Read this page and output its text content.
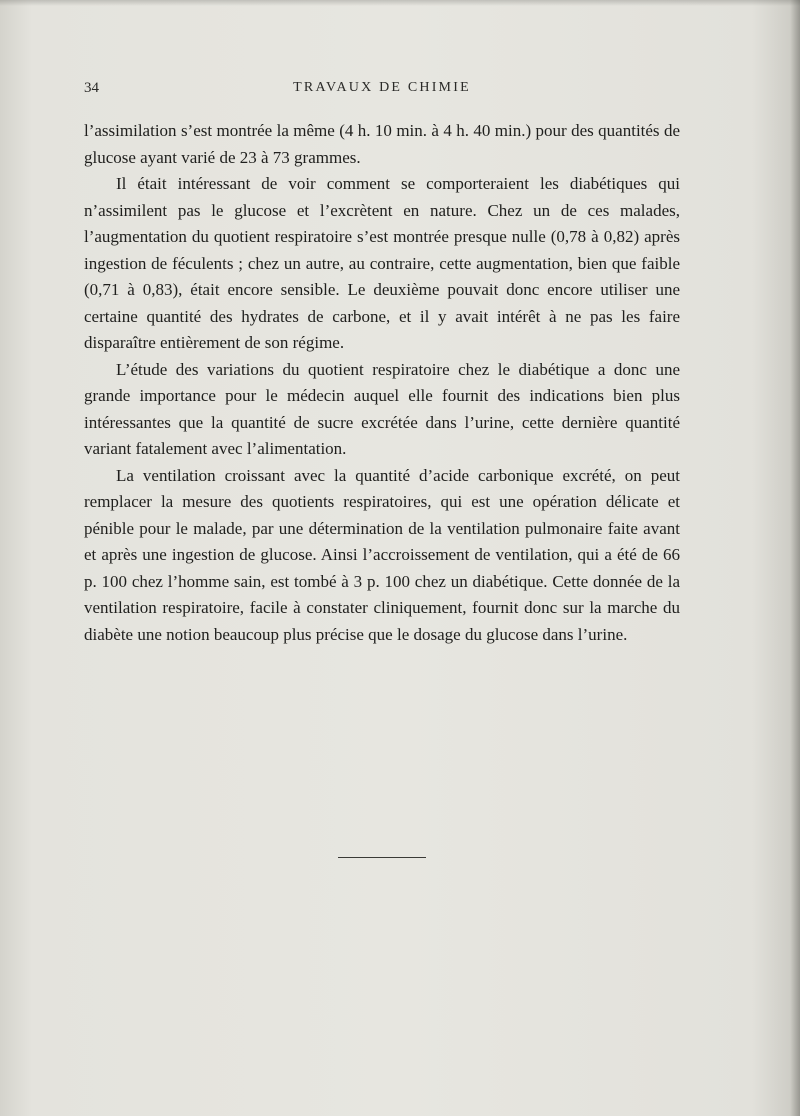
34	TRAVAUX DE CHIMIE

l’assimilation s’est montrée la même (4 h. 10 min. à 4 h. 40 min.) pour des quantités de glucose ayant varié de 23 à 73 grammes.

Il était intéressant de voir comment se comporteraient les diabétiques qui n’assimilent pas le glucose et l’excrètent en nature. Chez un de ces malades, l’augmentation du quotient respiratoire s’est montrée presque nulle (0,78 à 0,82) après ingestion de féculents ; chez un autre, au contraire, cette augmentation, bien que faible (0,71 à 0,83), était encore sensible. Le deuxième pouvait donc encore utiliser une certaine quantité des hydrates de carbone, et il y avait intérêt à ne pas les faire disparaître entièrement de son régime.

L’étude des variations du quotient respiratoire chez le diabétique a donc une grande importance pour le médecin auquel elle fournit des indications bien plus intéressantes que la quantité de sucre excrétée dans l’urine, cette dernière quantité variant fatalement avec l’alimentation.

La ventilation croissant avec la quantité d’acide carbonique excrété, on peut remplacer la mesure des quotients respiratoires, qui est une opération délicate et pénible pour le malade, par une détermination de la ventilation pulmonaire faite avant et après une ingestion de glucose. Ainsi l’accroissement de ventilation, qui a été de 66 p. 100 chez l’homme sain, est tombé à 3 p. 100 chez un diabétique. Cette donnée de la ventilation respiratoire, facile à constater cliniquement, fournit donc sur la marche du diabète une notion beaucoup plus précise que le dosage du glucose dans l’urine.
